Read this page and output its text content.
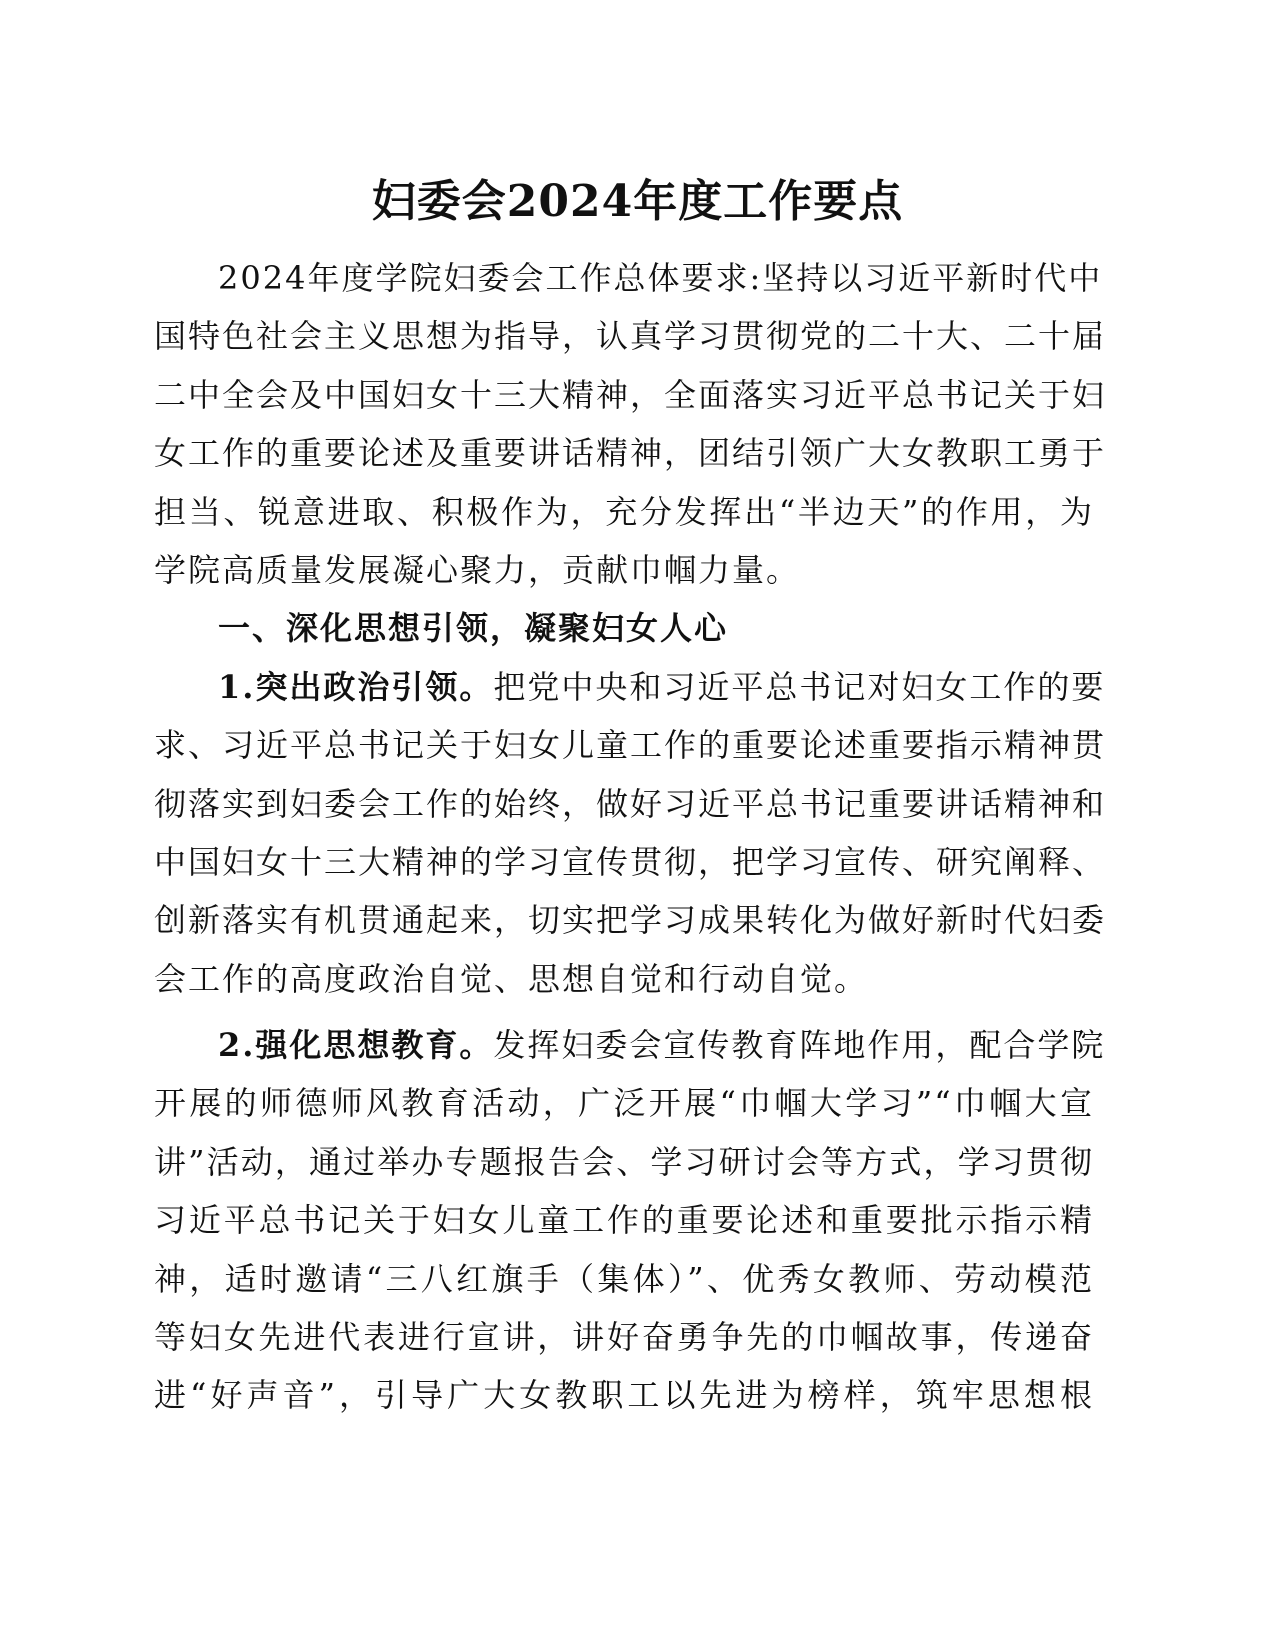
妇委会2024年度工作要点
2024年度学院妇委会工作总体要求:坚持以习近平新时代中
国特色社会主义思想为指导，认真学习贯彻党的二十大、二十届
二中全会及中国妇女十三大精神，全面落实习近平总书记关于妇
女工作的重要论述及重要讲话精神，团结引领广大女教职工勇于
担当、锐意进取、积极作为，充分发挥出“半边天”的作用，为
学院高质量发展凝心聚力，贡献巾帼力量。
一、深化思想引领，凝聚妇女人心
1.突出政治引领。把党中央和习近平总书记对妇女工作的要
求、习近平总书记关于妇女儿童工作的重要论述重要指示精神贯
彻落实到妇委会工作的始终，做好习近平总书记重要讲话精神和
中国妇女十三大精神的学习宣传贯彻，把学习宣传、研究阐释、
创新落实有机贯通起来，切实把学习成果转化为做好新时代妇委
会工作的高度政治自觉、思想自觉和行动自觉。
2.强化思想教育。发挥妇委会宣传教育阵地作用，配合学院
开展的师德师风教育活动，广泛开展“巾帼大学习”“巾帼大宣
讲”活动，通过举办专题报告会、学习研讨会等方式，学习贯彻
习近平总书记关于妇女儿童工作的重要论述和重要批示指示精
神，适时邀请“三八红旗手（集体）”、优秀女教师、劳动模范
等妇女先进代表进行宣讲，讲好奋勇争先的巾帼故事，传递奋
进“好声音”，引导广大女教职工以先进为榜样，筑牢思想根
